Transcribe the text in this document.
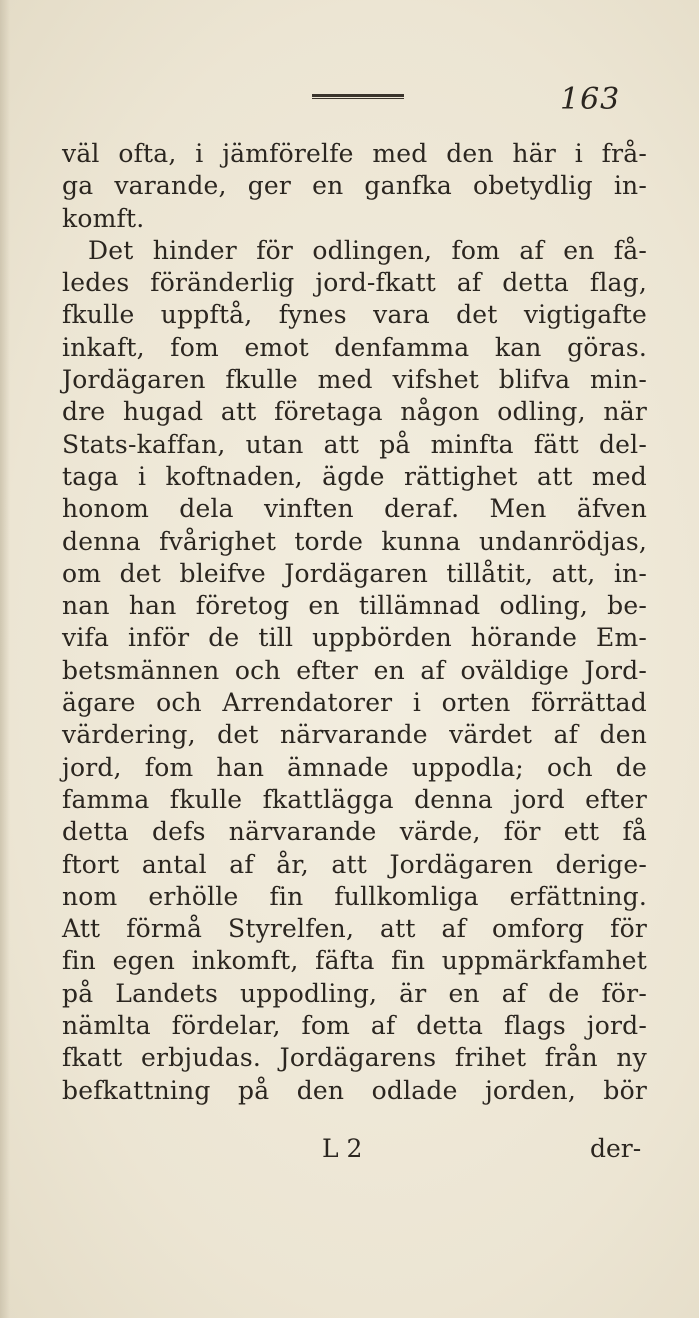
163
väl ofta, i jämförelfe med den här i frå-
ga varande, ger en ganfka obetydlig in-
komft.
Det hinder för odlingen, fom af en få-
ledes föränderlig jord-fkatt af detta flag,
fkulle uppftå, fynes vara det vigtigafte
inkaft, fom emot denfamma kan göras.
Jordägaren fkulle med vifshet blifva min-
dre hugad att företaga någon odling, när
Stats-kaffan, utan att på minfta fätt del-
taga i koftnaden, ägde rättighet att med
honom dela vinften deraf. Men äfven
denna fvårighet torde kunna undanrödjas,
om det bleifve Jordägaren tillåtit, att, in-
nan han företog en tillämnad odling, be-
vifa inför de till uppbörden hörande Em-
betsmännen och efter en af oväldige Jord-
ägare och Arrendatorer i orten förrättad
värdering, det närvarande värdet af den
jord, fom han ämnade uppodla; och de
famma fkulle fkattlägga denna jord efter
detta defs närvarande värde, för ett få
ftort antal af år, att Jordägaren derige-
nom erhölle fin fullkomliga erfättning.
Att förmå Styrelfen, att af omforg för
fin egen inkomft, fäfta fin uppmärkfamhet
på Landets uppodling, är en af de för-
nämlta fördelar, fom af detta flags jord-
fkatt erbjudas. Jordägarens frihet från ny
befkattning på den odlade jorden, bör
L 2	der-
